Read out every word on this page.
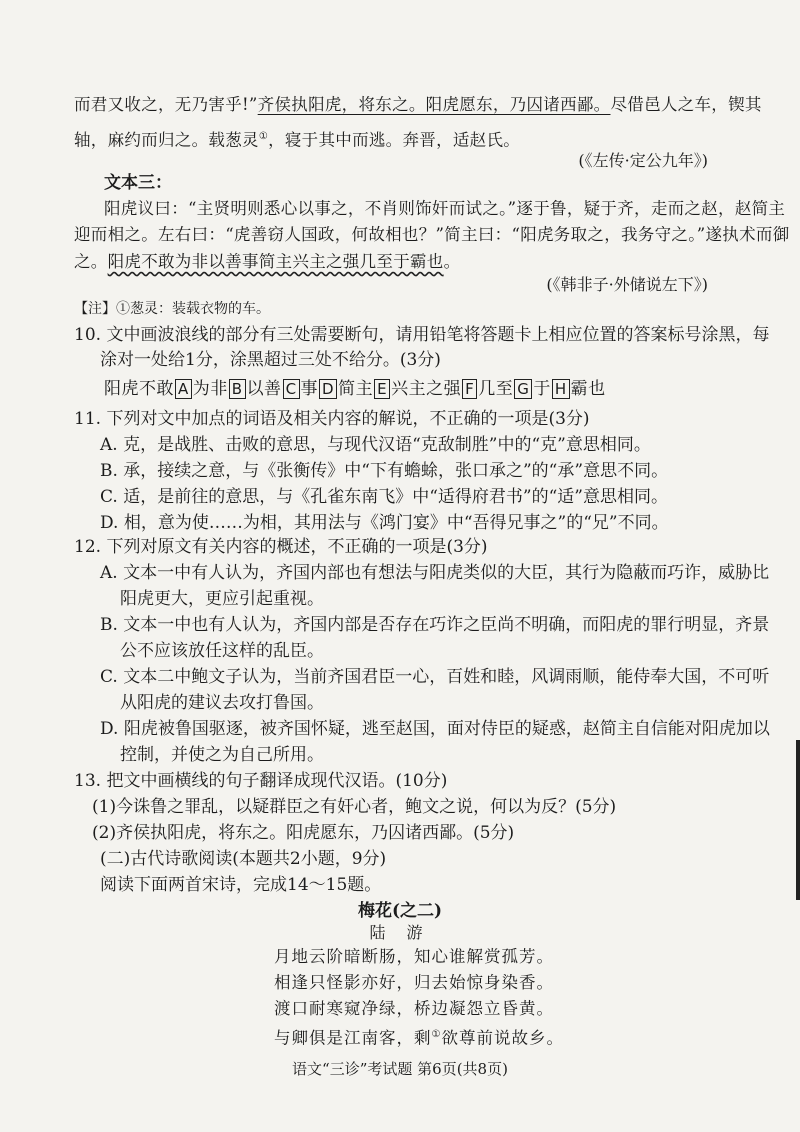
而君又收之，无乃害乎!”齐侯执阳虎，将东之。阳虎愿东，乃囚诸西鄙。尽借邑人之车，锲其
轴，麻约而归之。载葱灵①，寝于其中而逃。奔晋，适赵氏。
(《左传·定公九年》)
文本三：
阳虎议曰：“主贤明则悉心以事之，不肖则饰奸而试之。”逐于鲁，疑于齐，走而之赵，赵简主
迎而相之。左右曰：“虎善窃人国政，何故相也？”简主曰：“阳虎务取之，我务守之。”遂执术而御
之。阳虎不敢为非以善事简主兴主之强几至于霸也。
(《韩非子·外储说左下》)
【注】①葱灵：装载衣物的车。
10. 文中画波浪线的部分有三处需要断句，请用铅笔将答题卡上相应位置的答案标号涂黑，每
涂对一处给1分，涂黑超过三处不给分。(3分)
阳虎不敢 A 为非 B 以善 C 事 D 简主 E 兴主之强 F 几至 G 于 H 霸也
11. 下列对文中加点的词语及相关内容的解说，不正确的一项是(3分)
A. 克，是战胜、击败的意思，与现代汉语“克敌制胜”中的“克”意思相同。
B. 承，接续之意，与《张衡传》中“下有蟾蜍，张口承之”的“承”意思不同。
C. 适，是前往的意思，与《孔雀东南飞》中“适得府君书”的“适”意思相同。
D. 相，意为使……为相，其用法与《鸿门宴》中“吾得兄事之”的“兄”不同。
12. 下列对原文有关内容的概述，不正确的一项是(3分)
A. 文本一中有人认为，齐国内部也有想法与阳虎类似的大臣，其行为隐蔽而巧诈，威胁比
阳虎更大，更应引起重视。
B. 文本一中也有人认为，齐国内部是否存在巧诈之臣尚不明确，而阳虎的罪行明显，齐景
公不应该放任这样的乱臣。
C. 文本二中鲍文子认为，当前齐国君臣一心，百姓和睦，风调雨顺，能侍奉大国，不可听
从阳虎的建议去攻打鲁国。
D. 阳虎被鲁国驱逐，被齐国怀疑，逃至赵国，面对侍臣的疑惑，赵简主自信能对阳虎加以
控制，并使之为自己所用。
13. 把文中画横线的句子翻译成现代汉语。(10分)
(1)今诛鲁之罪乱，以疑群臣之有奸心者，鲍文之说，何以为反？(5分)
(2)齐侯执阳虎，将东之。阳虎愿东，乃囚诸西鄙。(5分)
(二)古代诗歌阅读(本题共2小题，9分)
阅读下面两首宋诗，完成14～15题。
梅花(之二)
陆 游
月地云阶暗断肠，知心谁解赏孤芳。
相逢只怪影亦好，归去始惊身染香。
渡口耐寒窥净绿，桥边凝怨立昏黄。
与卿俱是江南客，剩①欲尊前说故乡。
语文“三诊”考试题 第6页(共8页)
